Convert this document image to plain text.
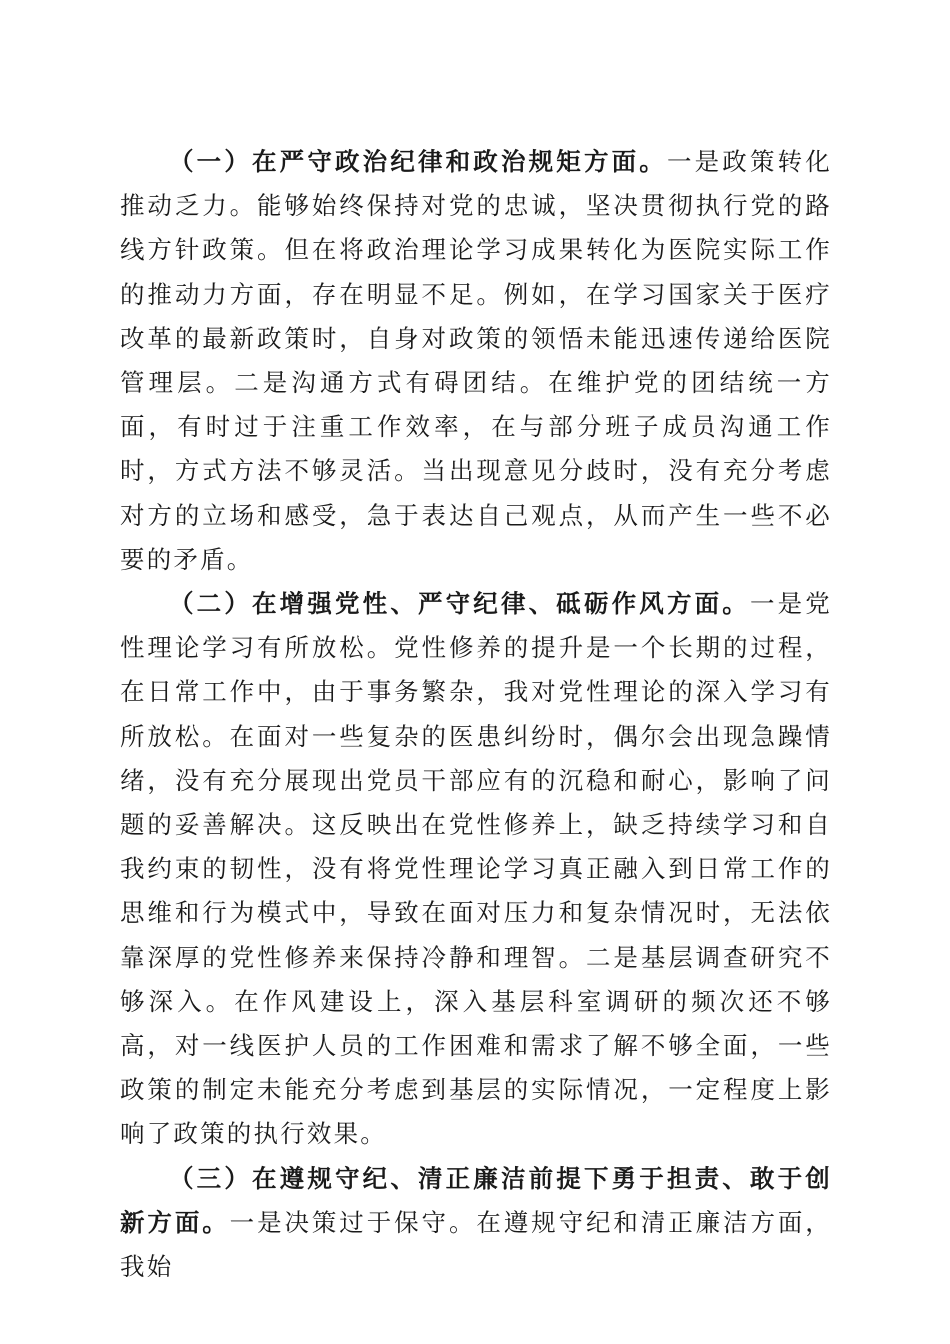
（一）在严守政治纪律和政治规矩方面。一是政策转化推动乏力。能够始终保持对党的忠诚，坚决贯彻执行党的路线方针政策。但在将政治理论学习成果转化为医院实际工作的推动力方面，存在明显不足。例如，在学习国家关于医疗改革的最新政策时，自身对政策的领悟未能迅速传递给医院管理层。二是沟通方式有碍团结。在维护党的团结统一方面，有时过于注重工作效率，在与部分班子成员沟通工作时，方式方法不够灵活。当出现意见分歧时，没有充分考虑对方的立场和感受，急于表达自己观点，从而产生一些不必要的矛盾。

（二）在增强党性、严守纪律、砥砺作风方面。一是党性理论学习有所放松。党性修养的提升是一个长期的过程，在日常工作中，由于事务繁杂，我对党性理论的深入学习有所放松。在面对一些复杂的医患纠纷时，偶尔会出现急躁情绪，没有充分展现出党员干部应有的沉稳和耐心，影响了问题的妥善解决。这反映出在党性修养上，缺乏持续学习和自我约束的韧性，没有将党性理论学习真正融入到日常工作的思维和行为模式中，导致在面对压力和复杂情况时，无法依靠深厚的党性修养来保持冷静和理智。二是基层调查研究不够深入。在作风建设上，深入基层科室调研的频次还不够高，对一线医护人员的工作困难和需求了解不够全面，一些政策的制定未能充分考虑到基层的实际情况，一定程度上影响了政策的执行效果。

（三）在遵规守纪、清正廉洁前提下勇于担责、敢于创新方面。一是决策过于保守。在遵规守纪和清正廉洁方面，我始
